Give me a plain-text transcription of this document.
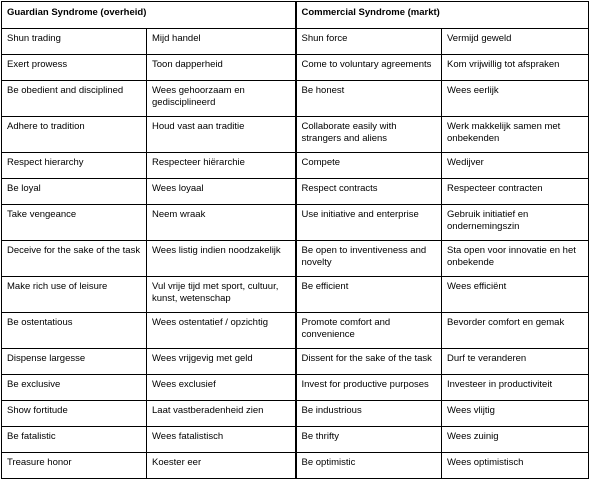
Guardian Syndrome (overheid)		Commercial Syndrome (markt)	
Shun trading	Mijd handel	Shun force	Vermijd geweld
Exert prowess	Toon dapperheid	Come to voluntary agreements	Kom vrijwillig tot afspraken
Be obedient and disciplined	Wees gehoorzaam en gedisciplineerd	Be honest	Wees eerlijk
Adhere to tradition	Houd vast aan traditie	Collaborate easily with strangers and aliens	Werk makkelijk samen met onbekenden
Respect hierarchy	Respecteer hiërarchie	Compete	Wedijver
Be loyal	Wees loyaal	Respect contracts	Respecteer contracten
Take vengeance	Neem wraak	Use initiative and enterprise	Gebruik initiatief en ondernemingszin
Deceive for the sake of the task	Wees listig indien noodzakelijk	Be open to inventiveness and novelty	Sta open voor innovatie en het onbekende
Make rich use of leisure	Vul vrije tijd met sport, cultuur, kunst, wetenschap	Be efficient	Wees efficiënt
Be ostentatious	Wees ostentatief / opzichtig	Promote comfort and convenience	Bevorder comfort en gemak
Dispense largesse	Wees vrijgevig met geld	Dissent for the sake of the task	Durf te veranderen
Be exclusive	Wees exclusief	Invest for productive purposes	Investeer in productiviteit
Show fortitude	Laat vastberadenheid zien	Be industrious	Wees vlijtig
Be fatalistic	Wees fatalistisch	Be thrifty	Wees zuinig
Treasure honor	Koester eer	Be optimistic	Wees optimistisch
